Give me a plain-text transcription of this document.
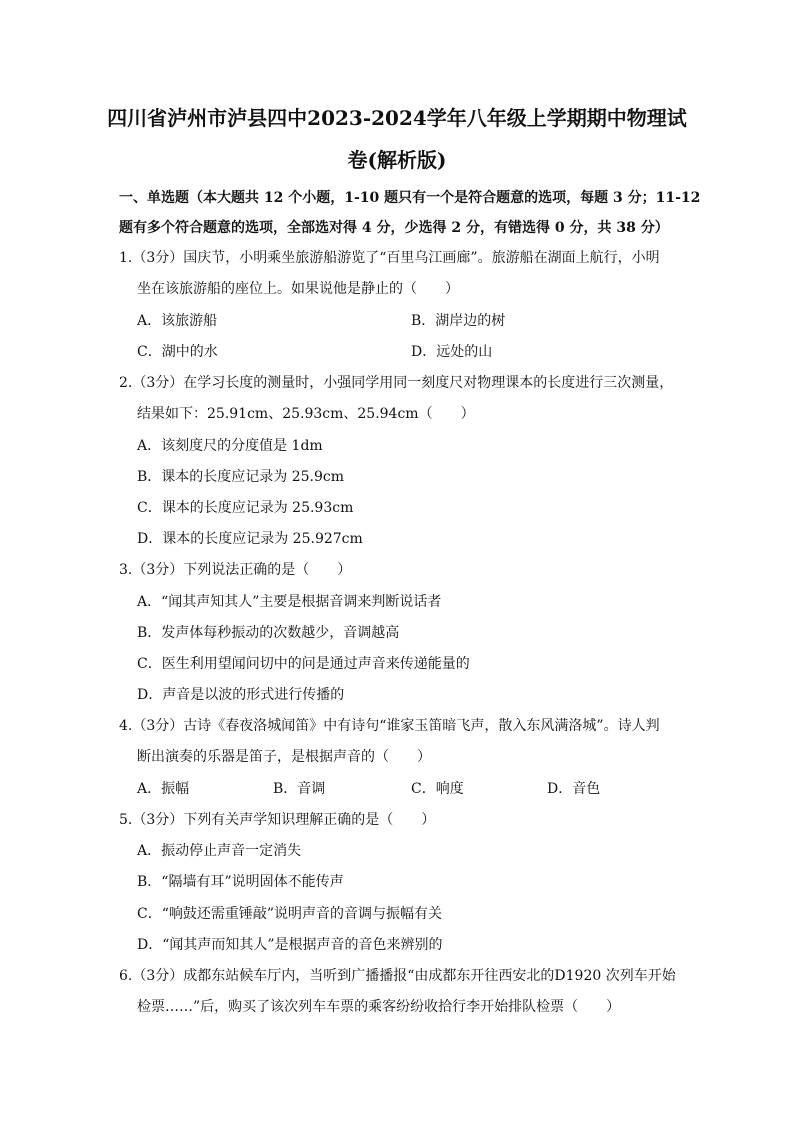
四川省泸州市泸县四中2023-2024学年八年级上学期期中物理试
卷(解析版)
一、单选题（本大题共 12 个小题，1-10 题只有一个是符合题意的选项，每题 3 分；11-12
题有多个符合题意的选项，全部选对得 4 分，少选得 2 分，有错选得 0 分，共 38 分）
1.（3分）国庆节，小明乘坐旅游船游览了“百里乌江画廊”。旅游船在湖面上航行，小明
坐在该旅游船的座位上。如果说他是静止的（　　）
A．该旅游船	B．湖岸边的树
C．湖中的水	D．远处的山
2.（3分）在学习长度的测量时，小强同学用同一刻度尺对物理课本的长度进行三次测量，
结果如下：25.91cm、25.93cm、25.94cm（　　）
A．该刻度尺的分度值是 1dm
B．课本的长度应记录为 25.9cm
C．课本的长度应记录为 25.93cm
D．课本的长度应记录为 25.927cm
3.（3分）下列说法正确的是（　　）
A．“闻其声知其人”主要是根据音调来判断说话者
B．发声体每秒振动的次数越少，音调越高
C．医生利用望闻问切中的问是通过声音来传递能量的
D．声音是以波的形式进行传播的
4.（3分）古诗《春夜洛城闻笛》中有诗句“谁家玉笛暗飞声，散入东风满洛城”。诗人判
断出演奏的乐器是笛子，是根据声音的（　　）
A．振幅	B．音调	C．响度	D．音色
5.（3分）下列有关声学知识理解正确的是（　　）
A．振动停止声音一定消失
B．“隔墙有耳”说明固体不能传声
C．“响鼓还需重锤敲”说明声音的音调与振幅有关
D．“闻其声而知其人”是根据声音的音色来辨别的
6.（3分）成都东站候车厅内，当听到广播播报“由成都东开往西安北的D1920 次列车开始
检票……”后，购买了该次列车车票的乘客纷纷收拾行李开始排队检票（　　）
